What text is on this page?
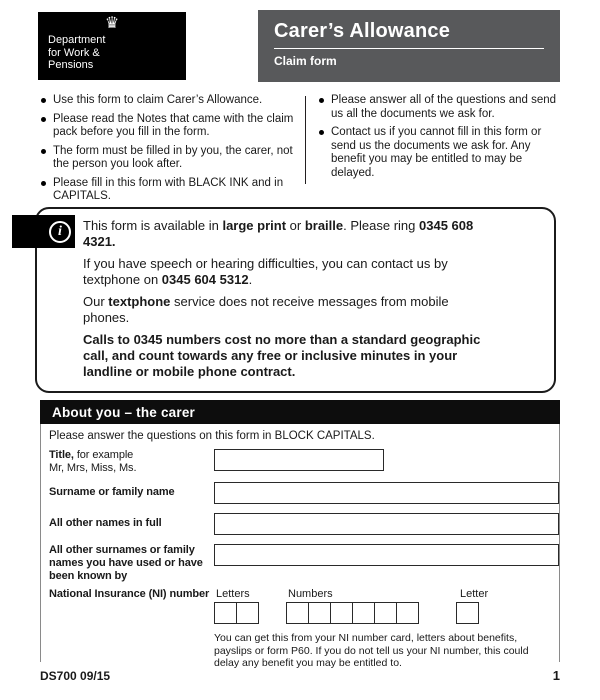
♛
Department
for Work &
Pensions
Carer’s Allowance
Claim form
Use this form to claim Carer’s Allowance.
Please read the Notes that came with the claim pack before you fill in the form.
The form must be filled in by you, the carer, not the person you look after.
Please fill in this form with BLACK INK and in CAPITALS.
Please answer all of the questions and send us all the documents we ask for.
Contact us if you cannot fill in this form or send us the documents we ask for. Any benefit you may be entitled to may be delayed.

This form is available in large print or braille. Please ring 0345 608 4321.

If you have speech or hearing difficulties, you can contact us by textphone on 0345 604 5312.

Our textphone service does not receive messages from mobile phones.

Calls to 0345 numbers cost no more than a standard geographic call, and count towards any free or inclusive minutes in your landline or mobile phone contract.

i
About you – the carer

Please answer the questions on this form in BLOCK CAPITALS.

Title, for example
Mr, Mrs, Miss, Ms.
Surname or family name
All other names in full
All other surnames or family names you have used or have been known by
National Insurance (NI) number Letters	Numbers	Letter

You can get this from your NI number card, letters about benefits, payslips or form P60. If you do not tell us your NI number, this could delay any benefit you may be entitled to.

DS700 09/15	1
